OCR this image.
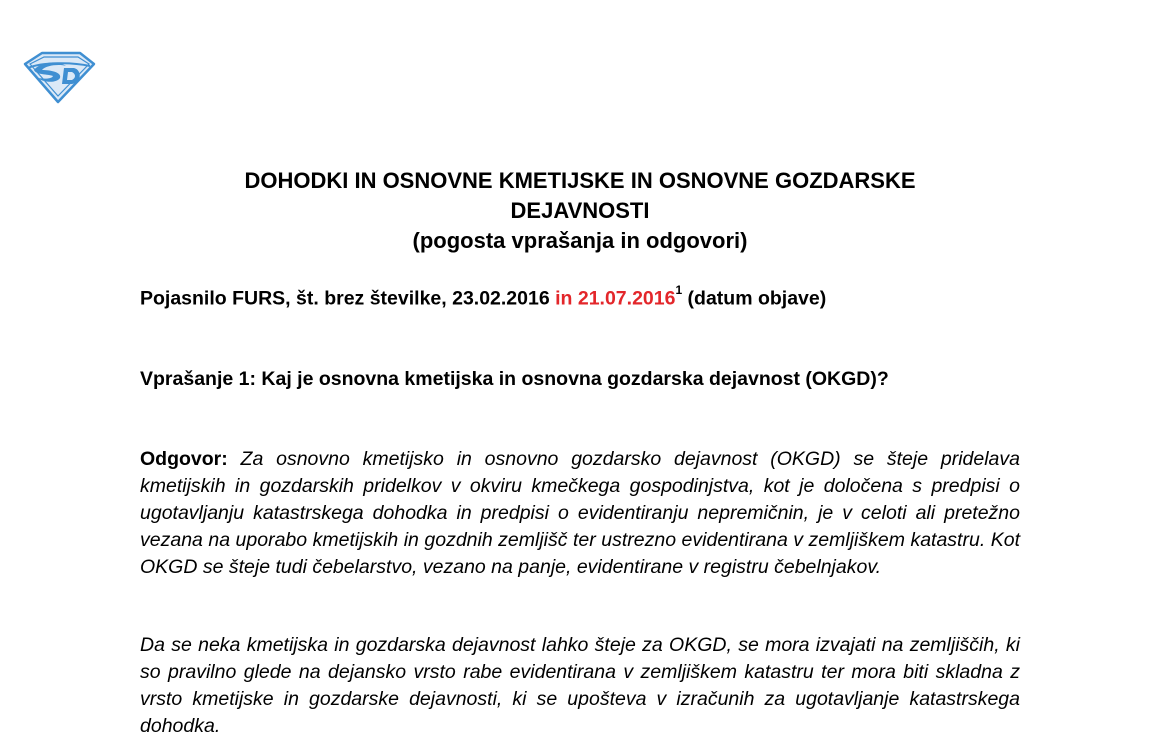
DOHODKI IN OSNOVNE KMETIJSKE IN OSNOVNE GOZDARSKE
DEJAVNOSTI
(pogosta vprašanja in odgovori)
Pojasnilo FURS, št. brez številke, 23.02.2016 in 21.07.2016$^1$ (datum objave)
Vprašanje 1: Kaj je osnovna kmetijska in osnovna gozdarska dejavnost (OKGD)?
Odgovor: Za osnovno kmetijsko in osnovno gozdarsko dejavnost (OKGD) se šteje pridelava kmetijskih in gozdarskih pridelkov v okviru kmečkega gospodinjstva, kot je določena s predpisi o ugotavljanju katastrskega dohodka in predpisi o evidentiranju nepremičnin, je v celoti ali pretežno vezana na uporabo kmetijskih in gozdnih zemljišč ter ustrezno evidentirana v zemljiškem katastru. Kot OKGD se šteje tudi čebelarstvo, vezano na panje, evidentirane v registru čebelnjakov.
Da se neka kmetijska in gozdarska dejavnost lahko šteje za OKGD, se mora izvajati na zemljiščih, ki so pravilno glede na dejansko vrsto rabe evidentirana v zemljiškem katastru ter mora biti skladna z vrsto kmetijske in gozdarske dejavnosti, ki se upošteva v izračunih za ugotavljanje katastrskega dohodka.
